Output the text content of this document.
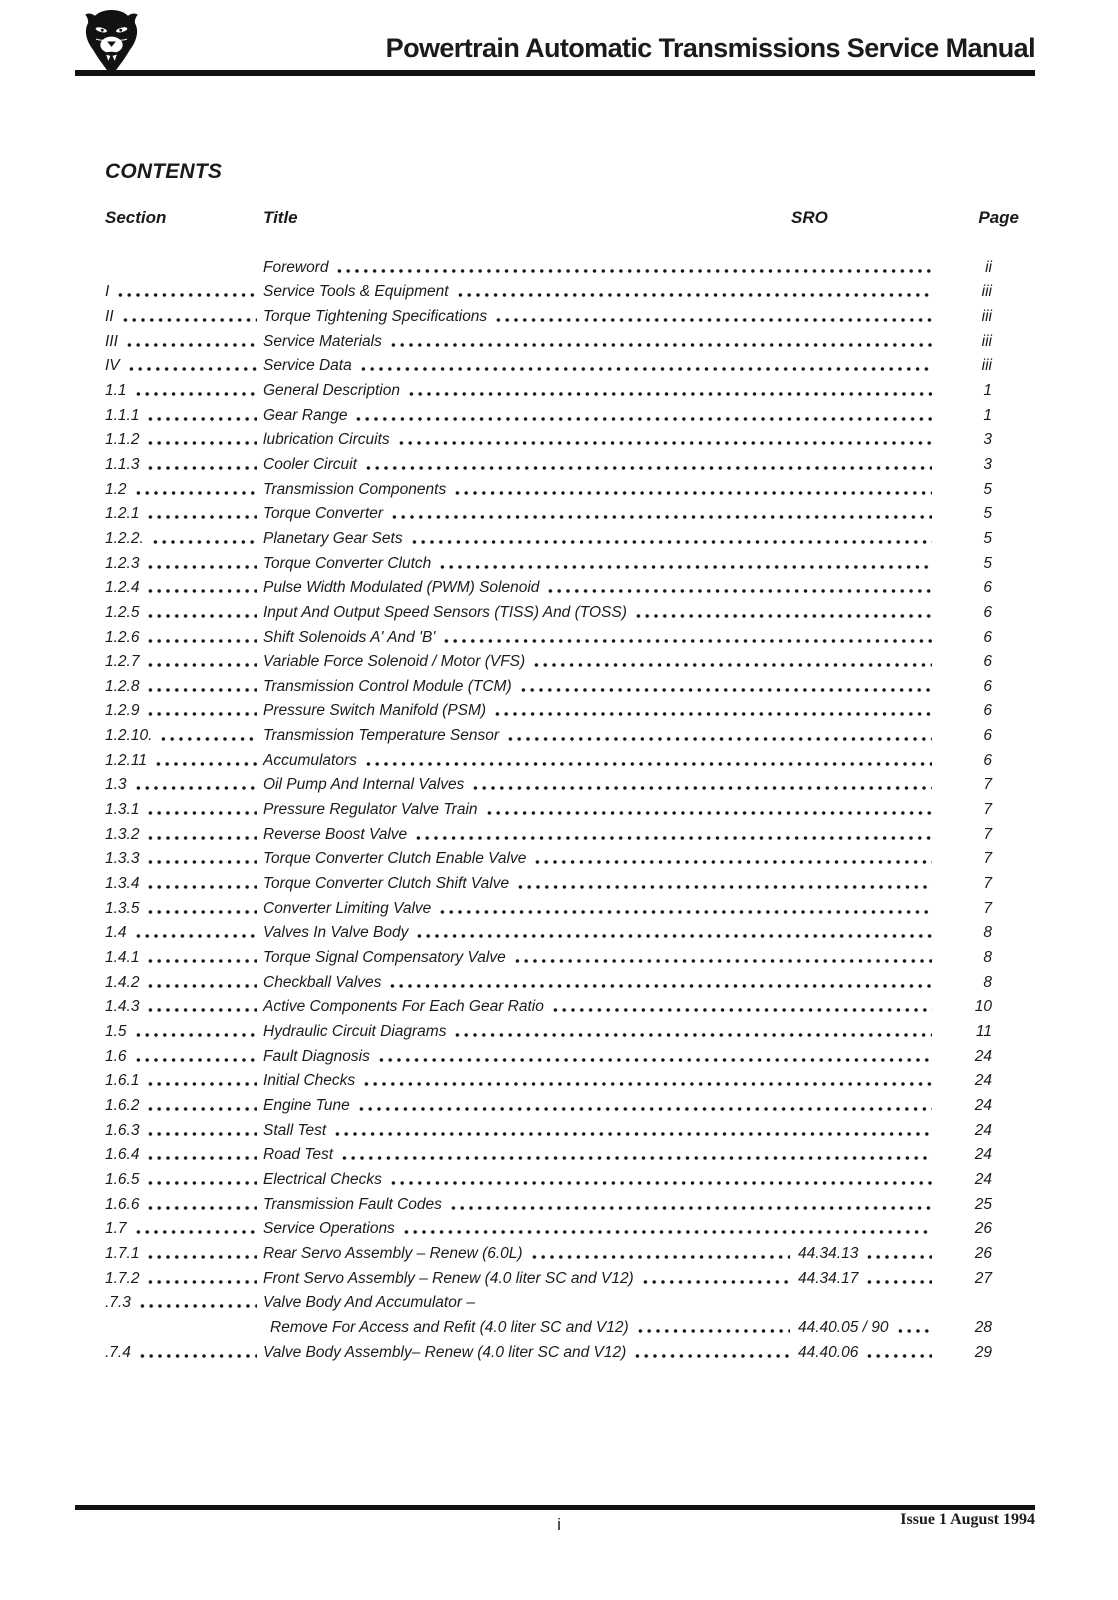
Powertrain Automatic Transmissions Service Manual
CONTENTS
Section	Title	SRO	Page
Foreword	ii
I	Service Tools & Equipment	iii
II	Torque Tightening Specifications	iii
III	Service Materials	iii
IV	Service Data	iii
1.1	General Description	1
1.1.1	Gear Range	1
1.1.2	lubrication Circuits	3
1.1.3	Cooler Circuit	3
1.2	Transmission Components	5
1.2.1	Torque Converter	5
1.2.2.	Planetary Gear Sets	5
1.2.3	Torque Converter Clutch	5
1.2.4	Pulse Width Modulated (PWM) Solenoid	6
1.2.5	Input And Output Speed Sensors (TISS) And (TOSS)	6
1.2.6	Shift Solenoids A' And 'B'	6
1.2.7	Variable Force Solenoid / Motor (VFS)	6
1.2.8	Transmission Control Module (TCM)	6
1.2.9	Pressure Switch Manifold (PSM)	6
1.2.10.	Transmission Temperature Sensor	6
1.2.11	Accumulators	6
1.3	Oil Pump And Internal Valves	7
1.3.1	Pressure Regulator Valve Train	7
1.3.2	Reverse Boost Valve	7
1.3.3	Torque Converter Clutch Enable Valve	7
1.3.4	Torque Converter Clutch Shift Valve	7
1.3.5	Converter Limiting Valve	7
1.4	Valves In Valve Body	8
1.4.1	Torque Signal Compensatory Valve	8
1.4.2	Checkball Valves	8
1.4.3	Active Components For Each Gear Ratio	10
1.5	Hydraulic Circuit Diagrams	11
1.6	Fault Diagnosis	24
1.6.1	Initial Checks	24
1.6.2	Engine Tune	24
1.6.3	Stall Test	24
1.6.4	Road Test	24
1.6.5	Electrical Checks	24
1.6.6	Transmission Fault Codes	25
1.7	Service Operations	26
1.7.1	Rear Servo Assembly – Renew (6.0L)	44.34.13	26
1.7.2	Front Servo Assembly – Renew (4.0 liter SC and V12)	44.34.17	27
.7.3	Valve Body And Accumulator –
Remove For Access and Refit (4.0 liter SC and V12)	44.40.05 / 90	28
.7.4	Valve Body Assembly– Renew (4.0 liter SC and V12)	44.40.06	29
i	Issue 1 August 1994
